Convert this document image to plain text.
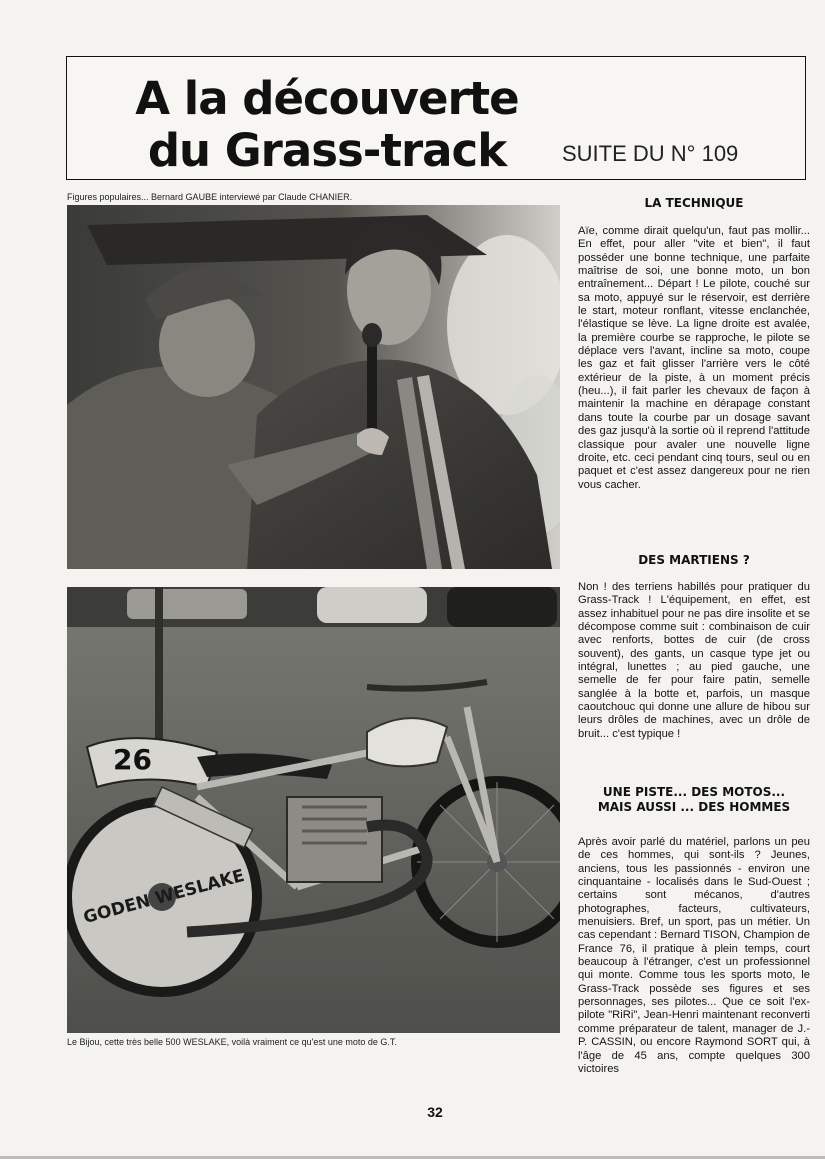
A la découverte
du Grass-track	SUITE DU N° 109
Figures populaires... Bernard GAUBE interviewé par Claude CHANIER.
26
GODEN WESLAKE
Le Bijou, cette très belle 500 WESLAKE, voilà vraiment ce qu'est une moto de G.T.
LA TECHNIQUE

Aïe, comme dirait quelqu'un, faut pas mollir... En effet, pour aller "vite et bien", il faut posséder une bonne technique, une parfaite maîtrise de soi, une bonne moto, un bon entraînement... Départ ! Le pilote, couché sur sa moto, appuyé sur le réservoir, est derrière le start, moteur ronflant, vitesse enclanchée, l'élastique se lève. La ligne droite est avalée, la première courbe se rapproche, le pilote se déplace vers l'avant, incline sa moto, coupe les gaz et fait glisser l'arrière vers le côté extérieur de la piste, à un moment précis (heu...), il fait parler les chevaux de façon à maintenir la machine en dérapage constant dans toute la courbe par un dosage savant des gaz jusqu'à la sortie où il reprend l'attitude classique pour avaler une nouvelle ligne droite, etc. ceci pendant cinq tours, seul ou en paquet et c'est assez dangereux pour ne rien vous cacher.

DES MARTIENS ?

Non ! des terriens habillés pour pratiquer du Grass-Track ! L'équipement, en effet, est assez inhabituel pour ne pas dire insolite et se décompose comme suit : combinaison de cuir avec renforts, bottes de cuir (de cross souvent), des gants, un casque type jet ou intégral, lunettes ; au pied gauche, une semelle de fer pour faire patin, semelle sanglée à la botte et, parfois, un masque caoutchouc qui donne une allure de hibou sur leurs drôles de machines, avec un drôle de bruit... c'est typique !

UNE PISTE... DES MOTOS... MAIS AUSSI ... DES HOMMES

Après avoir parlé du matériel, parlons un peu de ces hommes, qui sont-ils ? Jeunes, anciens, tous les passionnés - environ une cinquantaine - localisés dans le Sud-Ouest ; certains sont mécanos, d'autres photographes, facteurs, cultivateurs, menuisiers. Bref, un sport, pas un métier. Un cas cependant : Bernard TISON, Champion de France 76, il pratique à plein temps, court beaucoup à l'étranger, c'est un professionnel qui monte. Comme tous les sports moto, le Grass-Track possède ses figures et ses personnages, ses pilotes... Que ce soit l'ex-pilote "RiRi", Jean-Henri maintenant reconverti comme préparateur de talent, manager de J.-P. CASSIN, ou encore Raymond SORT qui, à l'âge de 45 ans, compte quelques 300 victoires

32
